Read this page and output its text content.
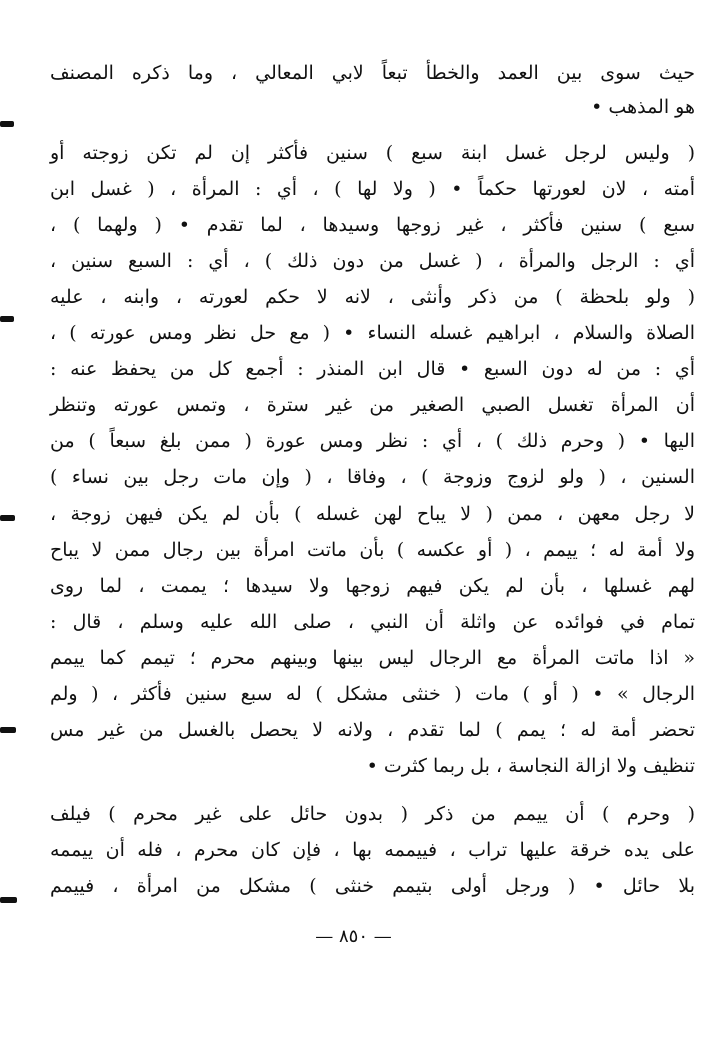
حيث سوى بين العمد والخطأ تبعاً لابي المعالي ، وما ذكره المصنف
هو المذهب •
( وليس لرجل غسل ابنة سبع ) سنين فأكثر إن لم تكن زوجته أو
أمته ، لان لعورتها حكماً • ( ولا لها ) ، أي : المرأة ، ( غسل ابن
سبع ) سنين فأكثر ، غير زوجها وسيدها ، لما تقدم • ( ولهما ) ،
أي : الرجل والمرأة ، ( غسل من دون ذلك ) ، أي : السبع سنين ،
( ولو بلحظة ) من ذكر وأنثى ، لانه لا حكم لعورته ، وابنه ، عليه
الصلاة والسلام ، ابراهيم غسله النساء • ( مع حل نظر ومس عورته ) ،
أي : من له دون السبع • قال ابن المنذر : أجمع كل من يحفظ عنه :
أن المرأة تغسل الصبي الصغير من غير سترة ، وتمس عورته وتنظر
اليها • ( وحرم ذلك ) ، أي : نظر ومس عورة ( ممن بلغ سبعاً ) من
السنين ، ( ولو لزوج وزوجة ) ، وفاقا ، ( وإن مات رجل بين نساء )
لا رجل معهن ، ممن ( لا يباح لهن غسله ) بأن لم يكن فيهن زوجة ،
ولا أمة له ؛ ييمم ، ( أو عكسه ) بأن ماتت امرأة بين رجال ممن لا يباح
لهم غسلها ، بأن لم يكن فيهم زوجها ولا سيدها ؛ يممت ، لما روى
تمام في فوائده عن واثلة أن النبي ، صلى الله عليه وسلم ، قال :
« اذا ماتت المرأة مع الرجال ليس بينها وبينهم محرم ؛ تيمم كما ييمم
الرجال » • ( أو ) مات ( خنثى مشكل ) له سبع سنين فأكثر ، ( ولم
تحضر أمة له ؛ يمم ) لما تقدم ، ولانه لا يحصل بالغسل من غير مس
تنظيف ولا ازالة النجاسة ، بل ربما كثرت •
( وحرم ) أن ييمم من ذكر ( بدون حائل على غير محرم ) فيلف
على يده خرقة عليها تراب ، فييممه بها ، فإن كان محرم ، فله أن ييممه
بلا حائل • ( ورجل أولى بتيمم خنثى ) مشكل من امرأة ، فييمم
— ٨٥٠ —
